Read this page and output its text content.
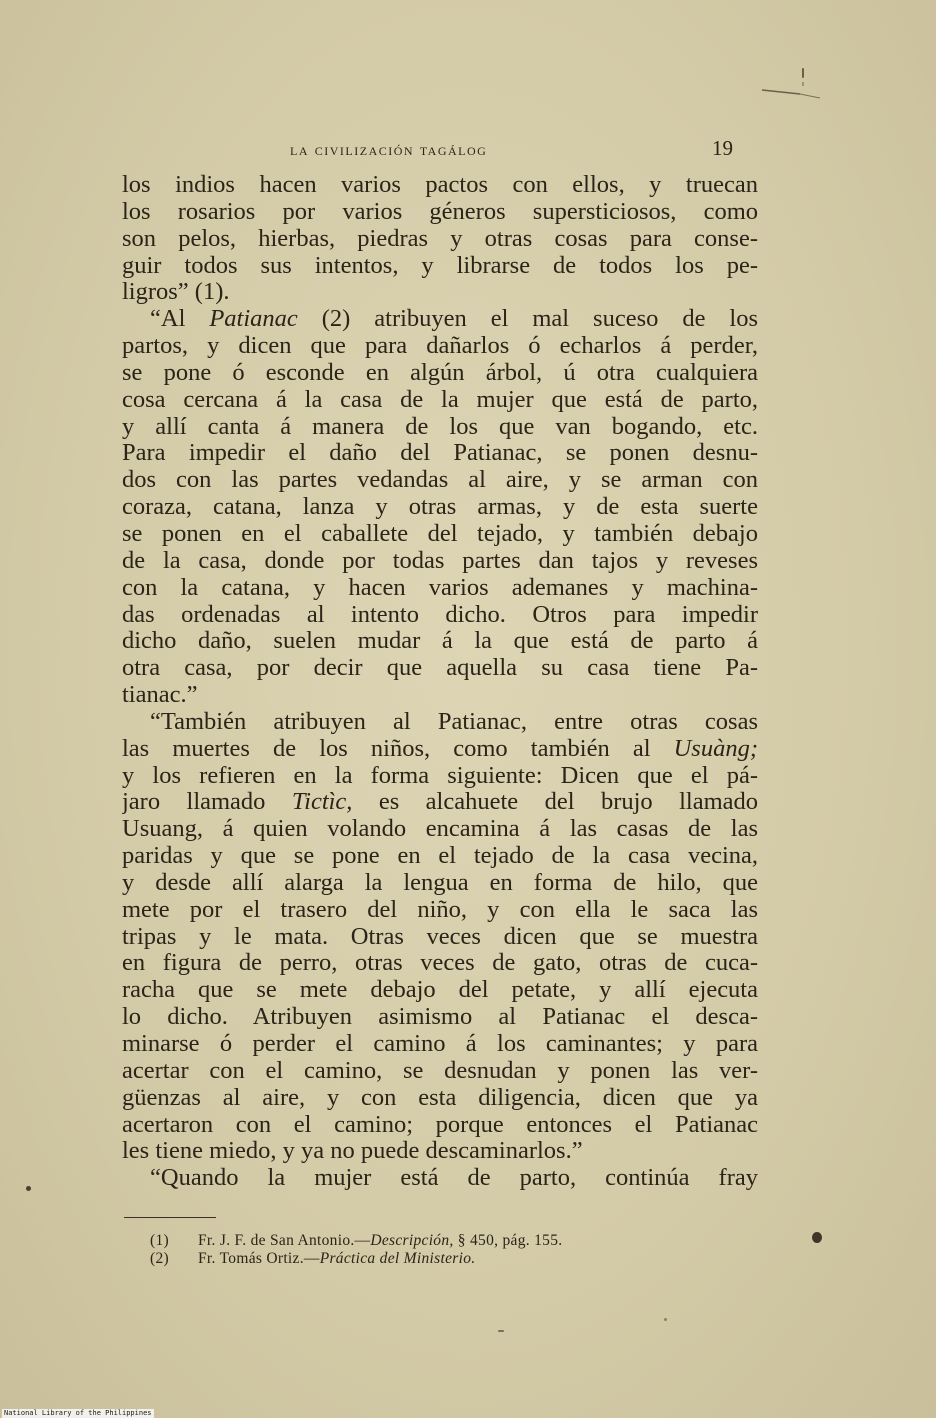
la civilización tagálog	19
los indios hacen varios pactos con ellos, y truecan
los rosarios por varios géneros supersticiosos, como
son pelos, hierbas, piedras y otras cosas para conse-
guir todos sus intentos, y librarse de todos los pe-
ligros” (1).
“Al Patianac (2) atribuyen el mal suceso de los
partos, y dicen que para dañarlos ó echarlos á perder,
se pone ó esconde en algún árbol, ú otra cualquiera
cosa cercana á la casa de la mujer que está de parto,
y allí canta á manera de los que van bogando, etc.
Para impedir el daño del Patianac, se ponen desnu-
dos con las partes vedandas al aire, y se arman con
coraza, catana, lanza y otras armas, y de esta suerte
se ponen en el caballete del tejado, y también debajo
de la casa, donde por todas partes dan tajos y reveses
con la catana, y hacen varios ademanes y machina-
das ordenadas al intento dicho. Otros para impedir
dicho daño, suelen mudar á la que está de parto á
otra casa, por decir que aquella su casa tiene Pa-
tianac.”
“También atribuyen al Patianac, entre otras cosas
las muertes de los niños, como también al Usuàng;
y los refieren en la forma siguiente: Dicen que el pá-
jaro llamado Tictìc, es alcahuete del brujo llamado
Usuang, á quien volando encamina á las casas de las
paridas y que se pone en el tejado de la casa vecina,
y desde allí alarga la lengua en forma de hilo, que
mete por el trasero del niño, y con ella le saca las
tripas y le mata. Otras veces dicen que se muestra
en figura de perro, otras veces de gato, otras de cuca-
racha que se mete debajo del petate, y allí ejecuta
lo dicho. Atribuyen asimismo al Patianac el desca-
minarse ó perder el camino á los caminantes; y para
acertar con el camino, se desnudan y ponen las ver-
güenzas al aire, y con esta diligencia, dicen que ya
acertaron con el camino; porque entonces el Patianac
les tiene miedo, y ya no puede descaminarlos.”
“Quando la mujer está de parto, continúa fray
(1) Fr. J. F. de San Antonio.—Descripción, § 450, pág. 155.
(2) Fr. Tomás Ortiz.—Práctica del Ministerio.
National Library of the Philippines
